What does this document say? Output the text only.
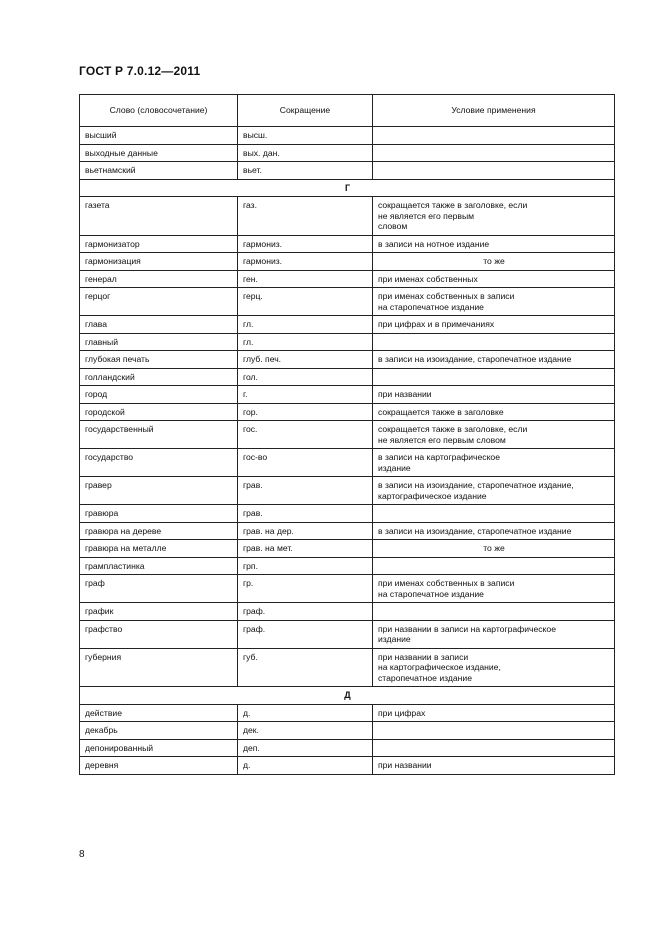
ГОСТ Р 7.0.12—2011
Слово (словосочетание)	Сокращение	Условие применения
высший	высш.	
выходные данные	вых. дан.	
вьетнамский	вьет.	
Г		
газета	газ.	сокращается также в заголовке, если
не является его первым
словом

гармонизатор	гармониз.	в записи на нотное издание

гармонизация	гармониз.	то же

генерал	ген.	при именах собственных

герцог	герц.	при именах собственных в записи
на старопечатное издание

глава	гл.	при цифрах и в примечаниях

главный	гл.	
глубокая печать	глуб. печ.	в записи на изоиздание, старопечатное издание

голландский	гол.	
город	г.	при названии

городской	гор.	сокращается также в заголовке

государственный	гос.	сокращается также в заголовке, если
не является его первым словом

государство	гос-во	в записи на картографическое
издание

гравер	грав.	в записи на изоиздание, старопечатное издание,
картографическое издание

гравюра	грав.	
гравюра на дереве	грав. на дер.	в записи на изоиздание, старопечатное издание

гравюра на металле	грав. на мет.	то же

грампластинка	грп.	
граф	гр.	при именах собственных в записи
на старопечатное издание

график	граф.	
графство	граф.	при названии в записи на картографическое
издание

губерния	губ.	при названии в записи
на картографическое издание,
старопечатное издание

Д		
действие	д.	при цифрах

декабрь	дек.	
депонированный	деп.	
деревня	д.	при названии
8
